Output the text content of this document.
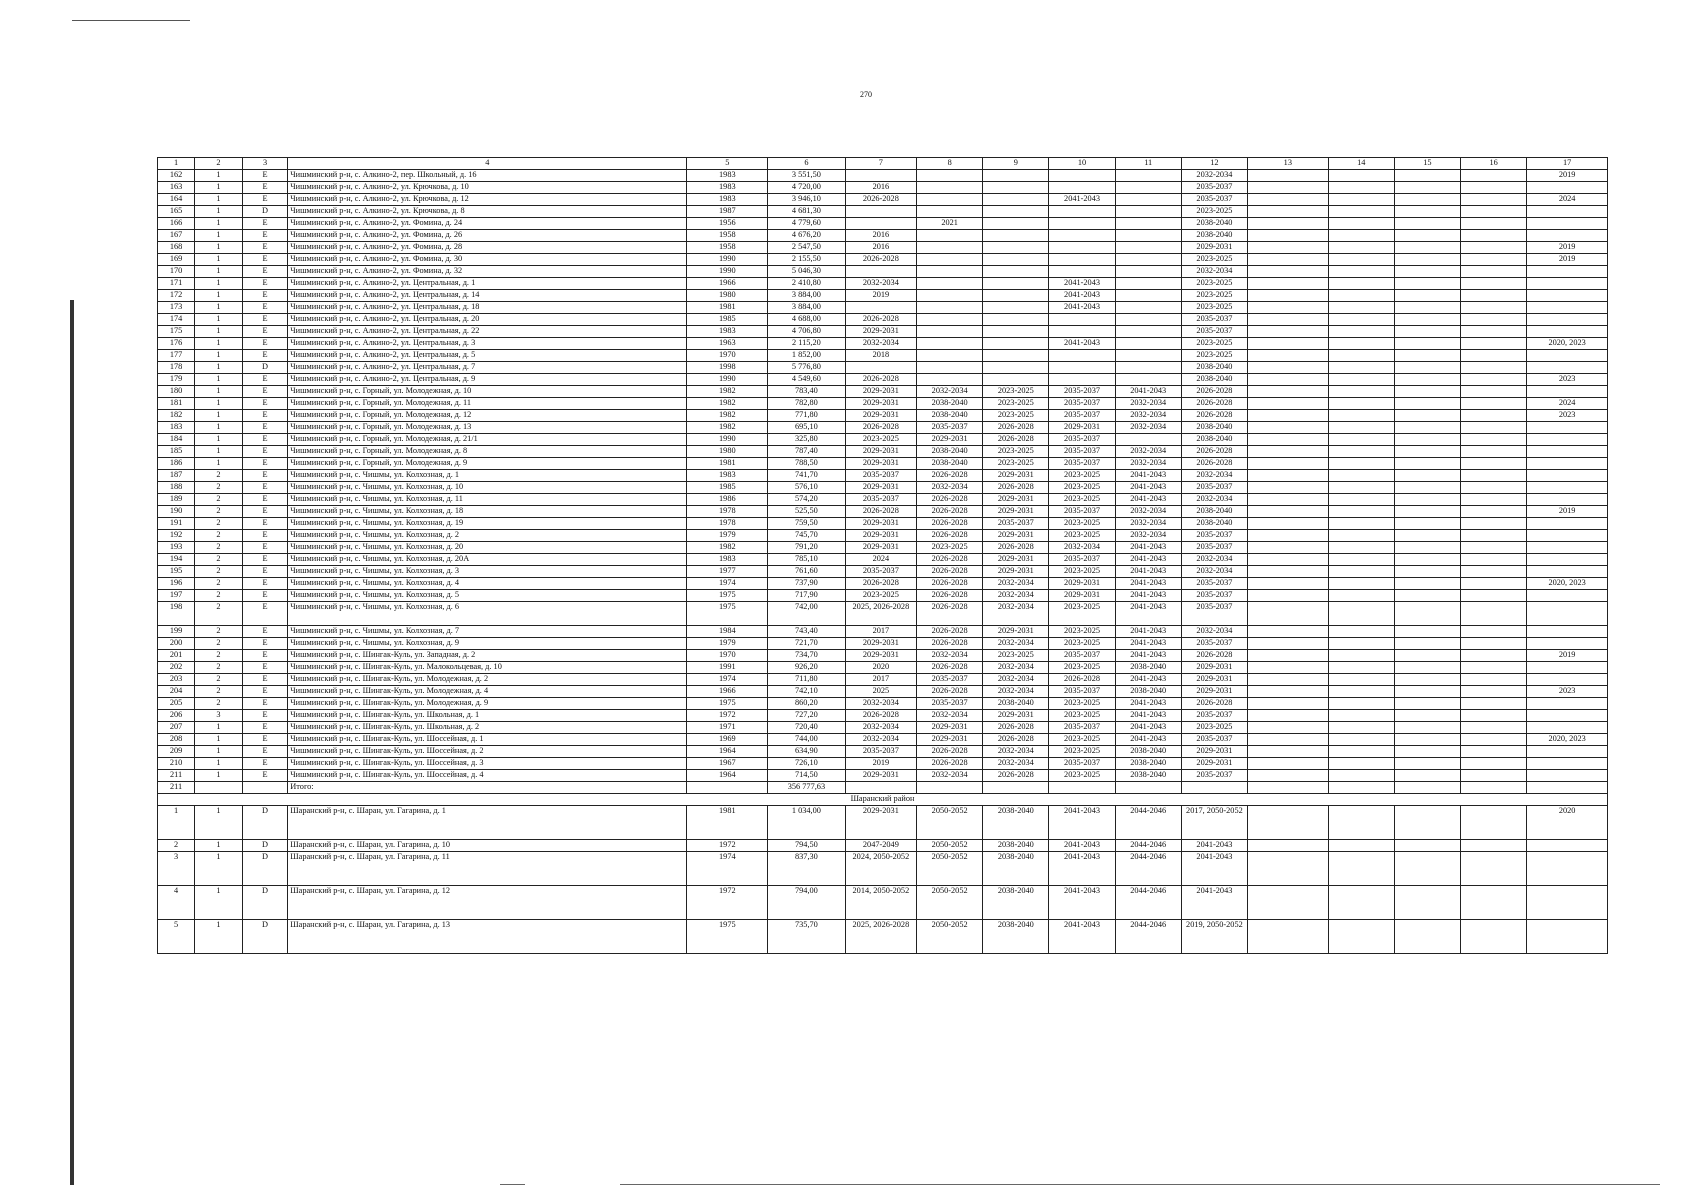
270
1	2	3	4	5	6	7	8	9	10	11	12	13	14	15	16	17
162	1	E	Чишминский р-н, с. Алкино-2, пер. Школьный, д. 16	1983	3 551,50						2032-2034					2019
163	1	E	Чишминский р-н, с. Алкино-2, ул. Крючкова, д. 10	1983	4 720,00	2016					2035-2037					
164	1	E	Чишминский р-н, с. Алкино-2, ул. Крючкова, д. 12	1983	3 946,10	2026-2028			2041-2043		2035-2037					2024
165	1	D	Чишминский р-н, с. Алкино-2, ул. Крючкова, д. 8	1987	4 681,30						2023-2025					
166	1	E	Чишминский р-н, с. Алкино-2, ул. Фомина, д. 24	1956	4 779,60		2021				2038-2040					
167	1	E	Чишминский р-н, с. Алкино-2, ул. Фомина, д. 26	1958	4 676,20	2016					2038-2040					
168	1	E	Чишминский р-н, с. Алкино-2, ул. Фомина, д. 28	1958	2 547,50	2016					2029-2031					2019
169	1	E	Чишминский р-н, с. Алкино-2, ул. Фомина, д. 30	1990	2 155,50	2026-2028					2023-2025					2019
170	1	E	Чишминский р-н, с. Алкино-2, ул. Фомина, д. 32	1990	5 046,30						2032-2034					
171	1	E	Чишминский р-н, с. Алкино-2, ул. Центральная, д. 1	1966	2 410,80	2032-2034			2041-2043		2023-2025					
172	1	E	Чишминский р-н, с. Алкино-2, ул. Центральная, д. 14	1980	3 884,00	2019			2041-2043		2023-2025					
173	1	E	Чишминский р-н, с. Алкино-2, ул. Центральная, д. 18	1981	3 884,00				2041-2043		2023-2025					
174	1	E	Чишминский р-н, с. Алкино-2, ул. Центральная, д. 20	1985	4 688,00	2026-2028					2035-2037					
175	1	E	Чишминский р-н, с. Алкино-2, ул. Центральная, д. 22	1983	4 706,80	2029-2031					2035-2037					
176	1	E	Чишминский р-н, с. Алкино-2, ул. Центральная, д. 3	1963	2 115,20	2032-2034			2041-2043		2023-2025					2020, 2023
177	1	E	Чишминский р-н, с. Алкино-2, ул. Центральная, д. 5	1970	1 852,00	2018					2023-2025					
178	1	D	Чишминский р-н, с. Алкино-2, ул. Центральная, д. 7	1998	5 776,80						2038-2040					
179	1	E	Чишминский р-н, с. Алкино-2, ул. Центральная, д. 9	1990	4 549,60	2026-2028					2038-2040					2023
180	1	E	Чишминский р-н, с. Горный, ул. Молодежная, д. 10	1982	783,40	2029-2031	2032-2034	2023-2025	2035-2037	2041-2043	2026-2028					
181	1	E	Чишминский р-н, с. Горный, ул. Молодежная, д. 11	1982	782,80	2029-2031	2038-2040	2023-2025	2035-2037	2032-2034	2026-2028					2024
182	1	E	Чишминский р-н, с. Горный, ул. Молодежная, д. 12	1982	771,80	2029-2031	2038-2040	2023-2025	2035-2037	2032-2034	2026-2028					2023
183	1	E	Чишминский р-н, с. Горный, ул. Молодежная, д. 13	1982	695,10	2026-2028	2035-2037	2026-2028	2029-2031	2032-2034	2038-2040					
184	1	E	Чишминский р-н, с. Горный, ул. Молодежная, д. 21/1	1990	325,80	2023-2025	2029-2031	2026-2028	2035-2037		2038-2040					
185	1	E	Чишминский р-н, с. Горный, ул. Молодежная, д. 8	1980	787,40	2029-2031	2038-2040	2023-2025	2035-2037	2032-2034	2026-2028					
186	1	E	Чишминский р-н, с. Горный, ул. Молодежная, д. 9	1981	788,50	2029-2031	2038-2040	2023-2025	2035-2037	2032-2034	2026-2028					
187	2	E	Чишминский р-н, с. Чишмы, ул. Колхозная, д. 1	1983	741,70	2035-2037	2026-2028	2029-2031	2023-2025	2041-2043	2032-2034					
188	2	E	Чишминский р-н, с. Чишмы, ул. Колхозная, д. 10	1985	576,10	2029-2031	2032-2034	2026-2028	2023-2025	2041-2043	2035-2037					
189	2	E	Чишминский р-н, с. Чишмы, ул. Колхозная, д. 11	1986	574,20	2035-2037	2026-2028	2029-2031	2023-2025	2041-2043	2032-2034					
190	2	E	Чишминский р-н, с. Чишмы, ул. Колхозная, д. 18	1978	525,50	2026-2028	2026-2028	2029-2031	2035-2037	2032-2034	2038-2040					2019
191	2	E	Чишминский р-н, с. Чишмы, ул. Колхозная, д. 19	1978	759,50	2029-2031	2026-2028	2035-2037	2023-2025	2032-2034	2038-2040					
192	2	E	Чишминский р-н, с. Чишмы, ул. Колхозная, д. 2	1979	745,70	2029-2031	2026-2028	2029-2031	2023-2025	2032-2034	2035-2037					
193	2	E	Чишминский р-н, с. Чишмы, ул. Колхозная, д. 20	1982	791,20	2029-2031	2023-2025	2026-2028	2032-2034	2041-2043	2035-2037					
194	2	E	Чишминский р-н, с. Чишмы, ул. Колхозная, д. 20А	1983	785,10	2024	2026-2028	2029-2031	2035-2037	2041-2043	2032-2034					
195	2	E	Чишминский р-н, с. Чишмы, ул. Колхозная, д. 3	1977	761,60	2035-2037	2026-2028	2029-2031	2023-2025	2041-2043	2032-2034					
196	2	E	Чишминский р-н, с. Чишмы, ул. Колхозная, д. 4	1974	737,90	2026-2028	2026-2028	2032-2034	2029-2031	2041-2043	2035-2037					2020, 2023
197	2	E	Чишминский р-н, с. Чишмы, ул. Колхозная, д. 5	1975	717,90	2023-2025	2026-2028	2032-2034	2029-2031	2041-2043	2035-2037					
198	2	E	Чишминский р-н, с. Чишмы, ул. Колхозная, д. 6	1975	742,00	2025, 2026-2028	2026-2028	2032-2034	2023-2025	2041-2043	2035-2037					
199	2	E	Чишминский р-н, с. Чишмы, ул. Колхозная, д. 7	1984	743,40	2017	2026-2028	2029-2031	2023-2025	2041-2043	2032-2034					
200	2	E	Чишминский р-н, с. Чишмы, ул. Колхозная, д. 9	1979	721,70	2029-2031	2026-2028	2032-2034	2023-2025	2041-2043	2035-2037					
201	2	E	Чишминский р-н, с. Шингак-Куль, ул. Западная, д. 2	1970	734,70	2029-2031	2032-2034	2023-2025	2035-2037	2041-2043	2026-2028					2019
202	2	E	Чишминский р-н, с. Шингак-Куль, ул. Малокольцевая, д. 10	1991	926,20	2020	2026-2028	2032-2034	2023-2025	2038-2040	2029-2031					
203	2	E	Чишминский р-н, с. Шингак-Куль, ул. Молодежная, д. 2	1974	711,80	2017	2035-2037	2032-2034	2026-2028	2041-2043	2029-2031					
204	2	E	Чишминский р-н, с. Шингак-Куль, ул. Молодежная, д. 4	1966	742,10	2025	2026-2028	2032-2034	2035-2037	2038-2040	2029-2031					2023
205	2	E	Чишминский р-н, с. Шингак-Куль, ул. Молодежная, д. 9	1975	860,20	2032-2034	2035-2037	2038-2040	2023-2025	2041-2043	2026-2028					
206	3	E	Чишминский р-н, с. Шингак-Куль, ул. Школьная, д. 1	1972	727,20	2026-2028	2032-2034	2029-2031	2023-2025	2041-2043	2035-2037					
207	1	E	Чишминский р-н, с. Шингак-Куль, ул. Школьная, д. 2	1971	720,40	2032-2034	2029-2031	2026-2028	2035-2037	2041-2043	2023-2025					
208	1	E	Чишминский р-н, с. Шингак-Куль, ул. Шоссейная, д. 1	1969	744,00	2032-2034	2029-2031	2026-2028	2023-2025	2041-2043	2035-2037					2020, 2023
209	1	E	Чишминский р-н, с. Шингак-Куль, ул. Шоссейная, д. 2	1964	634,90	2035-2037	2026-2028	2032-2034	2023-2025	2038-2040	2029-2031					
210	1	E	Чишминский р-н, с. Шингак-Куль, ул. Шоссейная, д. 3	1967	726,10	2019	2026-2028	2032-2034	2035-2037	2038-2040	2029-2031					
211	1	E	Чишминский р-н, с. Шингак-Куль, ул. Шоссейная, д. 4	1964	714,50	2029-2031	2032-2034	2026-2028	2023-2025	2038-2040	2035-2037					
211			Итого:		356 777,63											
Шаранский район																
1	1	D	Шаранский р-н, с. Шаран, ул. Гагарина, д. 1	1981	1 034,00	2029-2031	2050-2052	2038-2040	2041-2043	2044-2046	2017, 2050-2052					2020
2	1	D	Шаранский р-н, с. Шаран, ул. Гагарина, д. 10	1972	794,50	2047-2049	2050-2052	2038-2040	2041-2043	2044-2046	2041-2043					
3	1	D	Шаранский р-н, с. Шаран, ул. Гагарина, д. 11	1974	837,30	2024, 2050-2052	2050-2052	2038-2040	2041-2043	2044-2046	2041-2043					
4	1	D	Шаранский р-н, с. Шаран, ул. Гагарина, д. 12	1972	794,00	2014, 2050-2052	2050-2052	2038-2040	2041-2043	2044-2046	2041-2043					
5	1	D	Шаранский р-н, с. Шаран, ул. Гагарина, д. 13	1975	735,70	2025, 2026-2028	2050-2052	2038-2040	2041-2043	2044-2046	2019, 2050-2052					
